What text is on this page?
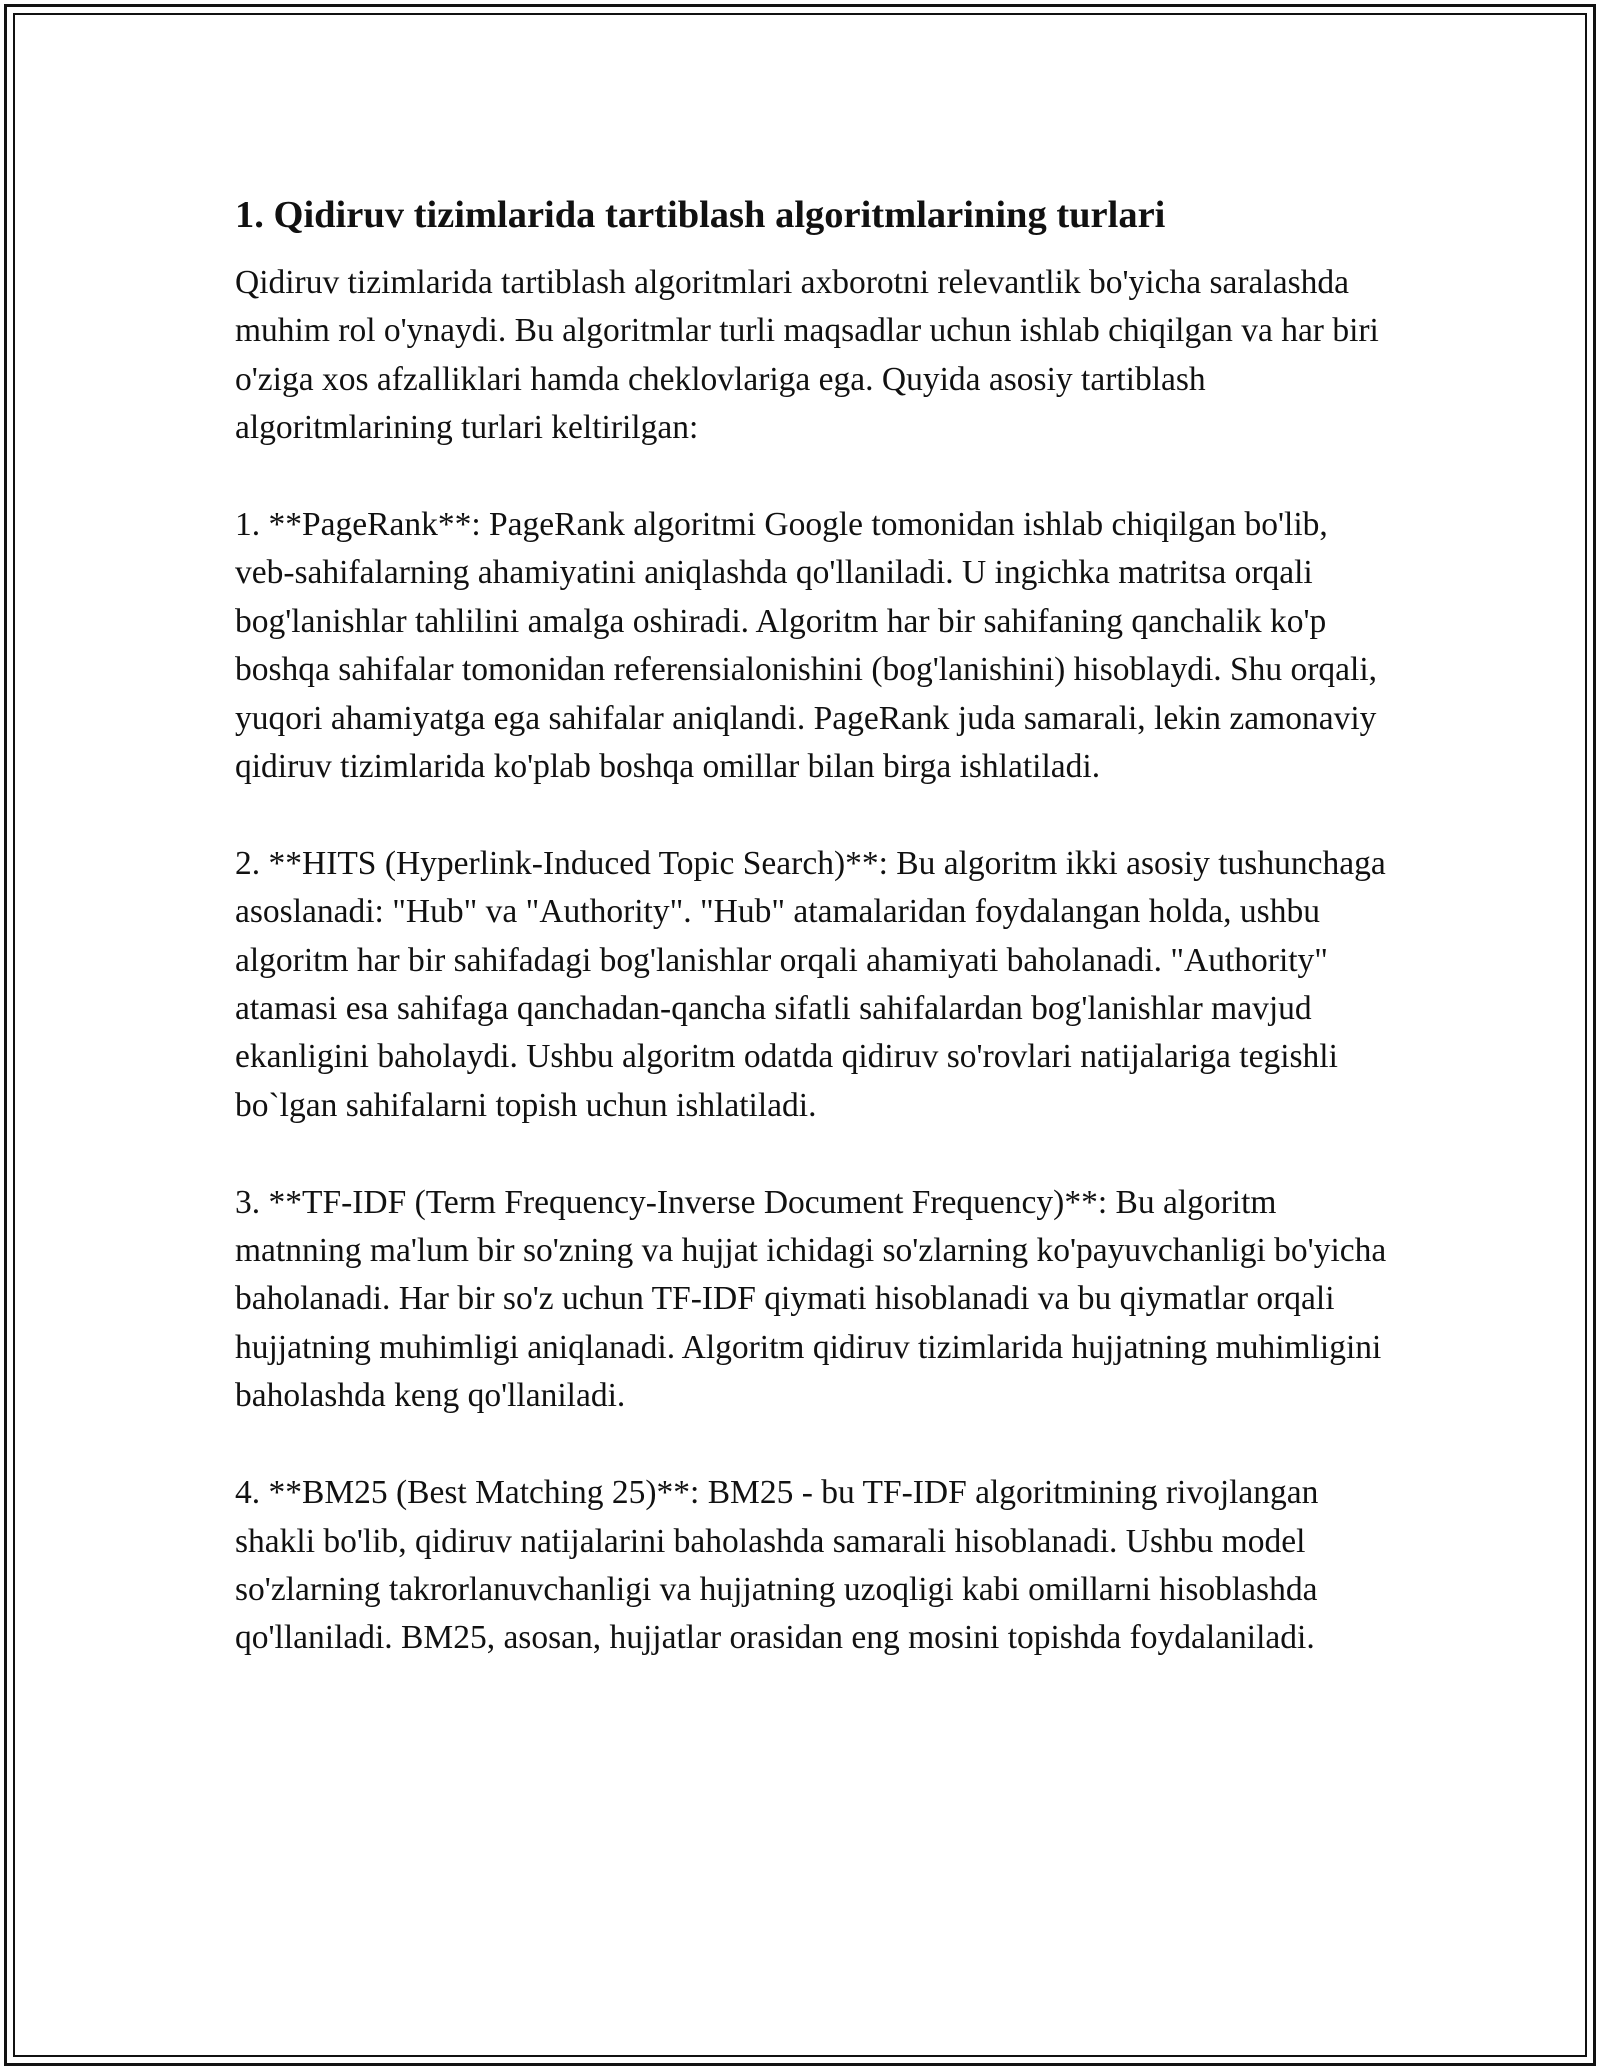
1. Qidiruv tizimlarida tartiblash algoritmlarining turlari

Qidiruv tizimlarida tartiblash algoritmlari axborotni relevantlik bo'yicha saralashda muhim rol o'ynaydi. Bu algoritmlar turli maqsadlar uchun ishlab chiqilgan va har biri o'ziga xos afzalliklari hamda cheklovlariga ega. Quyida asosiy tartiblash algoritmlarining turlari keltirilgan:

1. **PageRank**: PageRank algoritmi Google tomonidan ishlab chiqilgan bo'lib, veb-sahifalarning ahamiyatini aniqlashda qo'llaniladi. U ingichka matritsa orqali bog'lanishlar tahlilini amalga oshiradi. Algoritm har bir sahifaning qanchalik ko'p boshqa sahifalar tomonidan referensialonishini (bog'lanishini) hisoblaydi. Shu orqali, yuqori ahamiyatga ega sahifalar aniqlandi. PageRank juda samarali, lekin zamonaviy qidiruv tizimlarida ko'plab boshqa omillar bilan birga ishlatiladi.

2. **HITS (Hyperlink-Induced Topic Search)**: Bu algoritm ikki asosiy tushunchaga asoslanadi: "Hub" va "Authority". "Hub" atamalaridan foydalangan holda, ushbu algoritm har bir sahifadagi bog'lanishlar orqali ahamiyati baholanadi. "Authority" atamasi esa sahifaga qanchadan-qancha sifatli sahifalardan bog'lanishlar mavjud ekanligini baholaydi. Ushbu algoritm odatda qidiruv so'rovlari natijalariga tegishli bo`lgan sahifalarni topish uchun ishlatiladi.

3. **TF-IDF (Term Frequency-Inverse Document Frequency)**: Bu algoritm matnning ma'lum bir so'zning va hujjat ichidagi so'zlarning ko'payuvchanligi bo'yicha baholanadi. Har bir so'z uchun TF-IDF qiymati hisoblanadi va bu qiymatlar orqali hujjatning muhimligi aniqlanadi. Algoritm qidiruv tizimlarida hujjatning muhimligini baholashda keng qo'llaniladi.

4. **BM25 (Best Matching 25)**: BM25 - bu TF-IDF algoritmining rivojlangan shakli bo'lib, qidiruv natijalarini baholashda samarali hisoblanadi. Ushbu model so'zlarning takrorlanuvchanligi va hujjatning uzoqligi kabi omillarni hisoblashda qo'llaniladi. BM25, asosan, hujjatlar orasidan eng mosini topishda foydalaniladi.
